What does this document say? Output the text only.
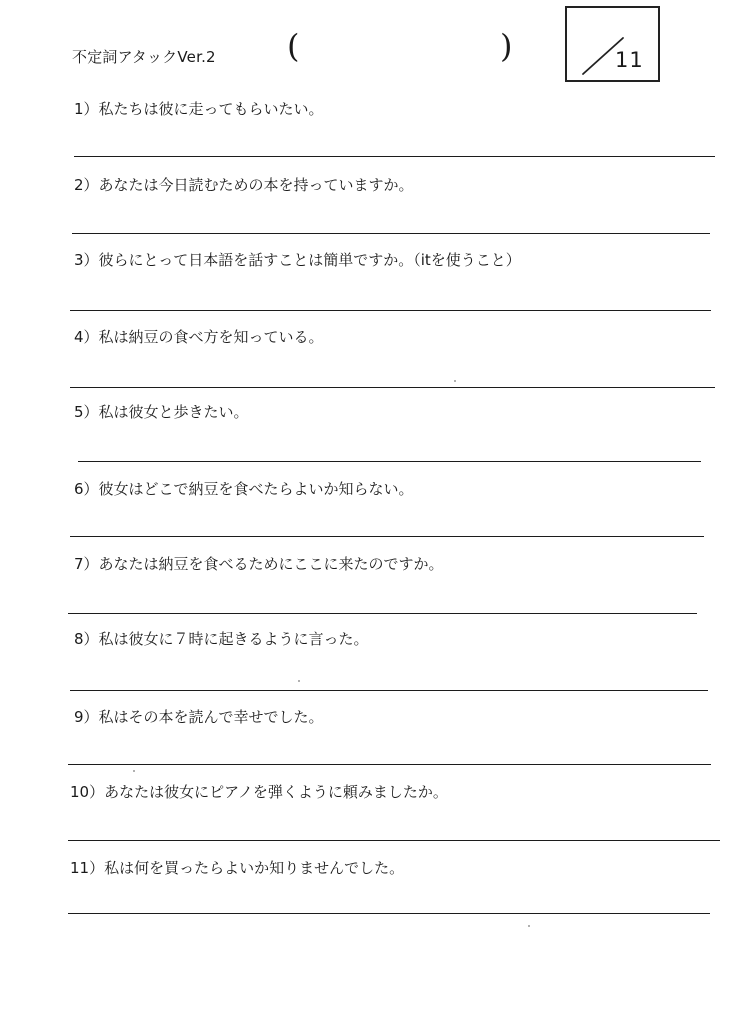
不定詞アタックVer.2 (	)	11
1）私たちは彼に走ってもらいたい。
2）あなたは今日読むための本を持っていますか。
3）彼らにとって日本語を話すことは簡単ですか。（itを使うこと）
4）私は納豆の食べ方を知っている。
5）私は彼女と歩きたい。
6）彼女はどこで納豆を食べたらよいか知らない。
7）あなたは納豆を食べるためにここに来たのですか。
8）私は彼女に７時に起きるように言った。
9）私はその本を読んで幸せでした。
10）あなたは彼女にピアノを弾くように頼みましたか。
11）私は何を買ったらよいか知りませんでした。
